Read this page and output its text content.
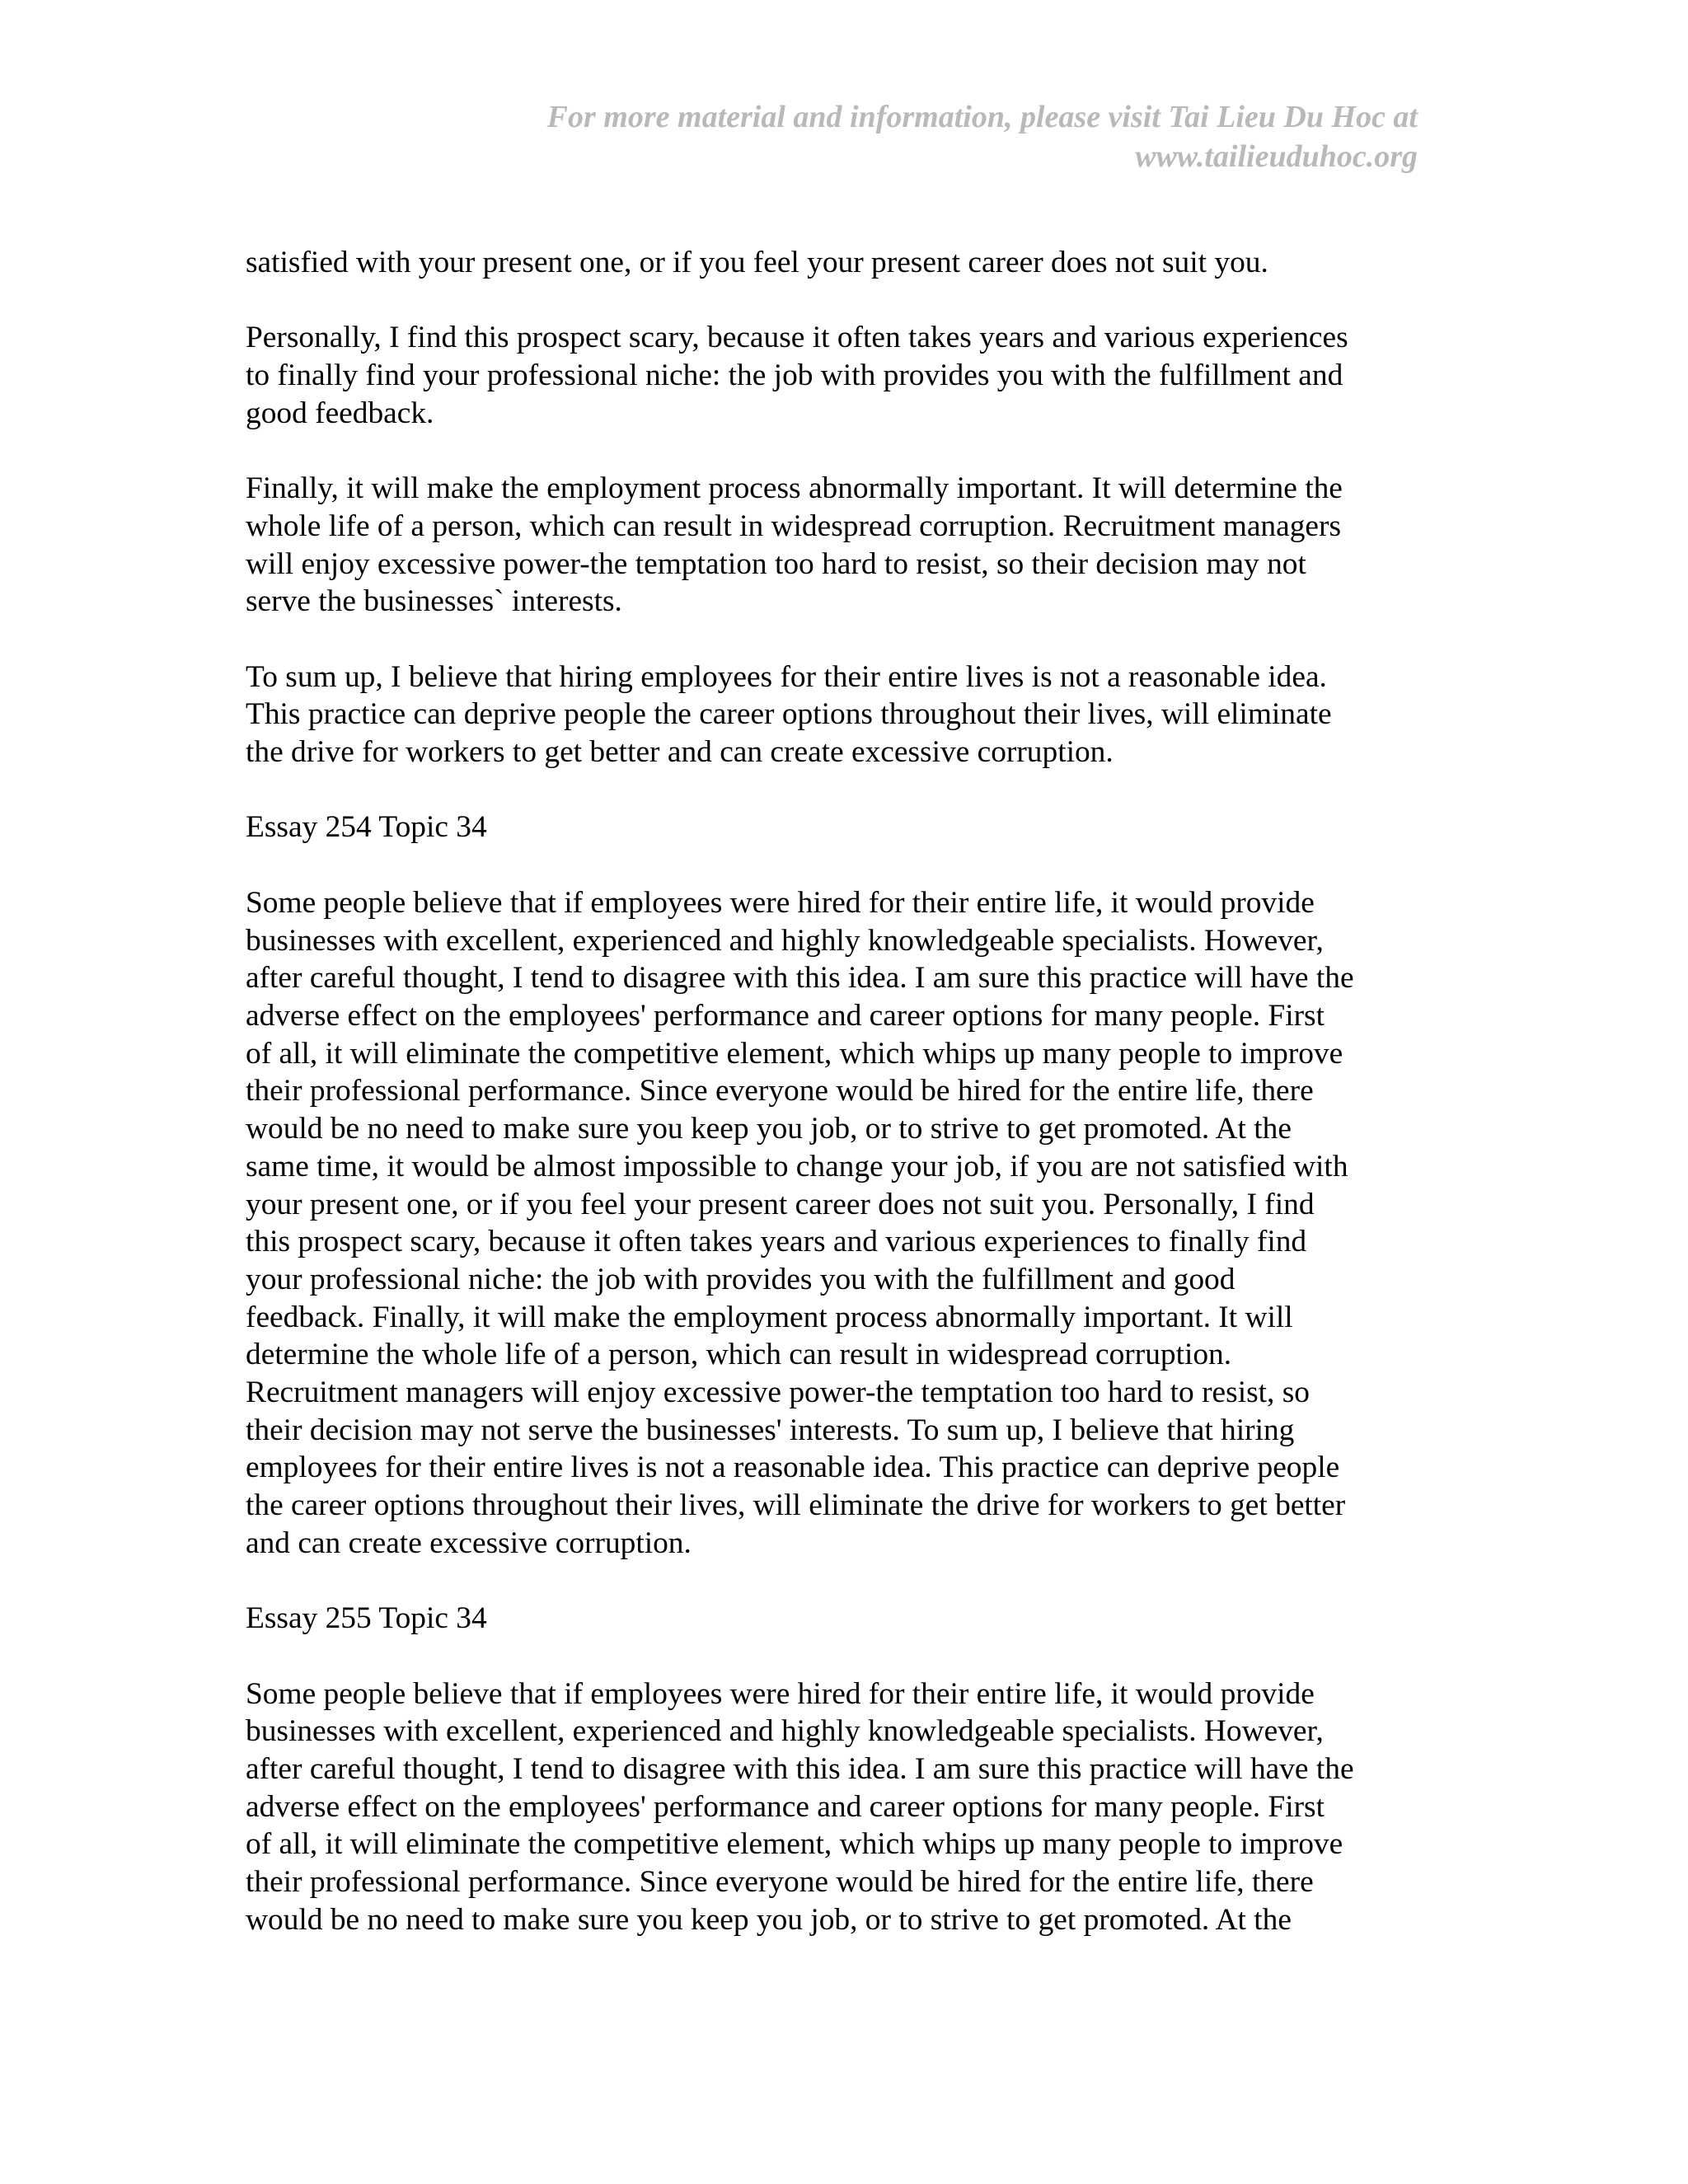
For more material and information, please visit Tai Lieu Du Hoc at
www.tailieuduhoc.org
satisfied with your present one, or if you feel your present career does not suit you.
Personally, I find this prospect scary, because it often takes years and various experiences
to finally find your professional niche: the job with provides you with the fulfillment and
good feedback.
Finally, it will make the employment process abnormally important. It will determine the
whole life of a person, which can result in widespread corruption. Recruitment managers
will enjoy excessive power-the temptation too hard to resist, so their decision may not
serve the businesses` interests.
To sum up, I believe that hiring employees for their entire lives is not a reasonable idea.
This practice can deprive people the career options throughout their lives, will eliminate
the drive for workers to get better and can create excessive corruption.
Essay 254 Topic 34
Some people believe that if employees were hired for their entire life, it would provide
businesses with excellent, experienced and highly knowledgeable specialists. However,
after careful thought, I tend to disagree with this idea. I am sure this practice will have the
adverse effect on the employees' performance and career options for many people. First
of all, it will eliminate the competitive element, which whips up many people to improve
their professional performance. Since everyone would be hired for the entire life, there
would be no need to make sure you keep you job, or to strive to get promoted. At the
same time, it would be almost impossible to change your job, if you are not satisfied with
your present one, or if you feel your present career does not suit you. Personally, I find
this prospect scary, because it often takes years and various experiences to finally find
your professional niche: the job with provides you with the fulfillment and good
feedback. Finally, it will make the employment process abnormally important. It will
determine the whole life of a person, which can result in widespread corruption.
Recruitment managers will enjoy excessive power-the temptation too hard to resist, so
their decision may not serve the businesses' interests. To sum up, I believe that hiring
employees for their entire lives is not a reasonable idea. This practice can deprive people
the career options throughout their lives, will eliminate the drive for workers to get better
and can create excessive corruption.
Essay 255 Topic 34
Some people believe that if employees were hired for their entire life, it would provide
businesses with excellent, experienced and highly knowledgeable specialists. However,
after careful thought, I tend to disagree with this idea. I am sure this practice will have the
adverse effect on the employees' performance and career options for many people. First
of all, it will eliminate the competitive element, which whips up many people to improve
their professional performance. Since everyone would be hired for the entire life, there
would be no need to make sure you keep you job, or to strive to get promoted. At the
